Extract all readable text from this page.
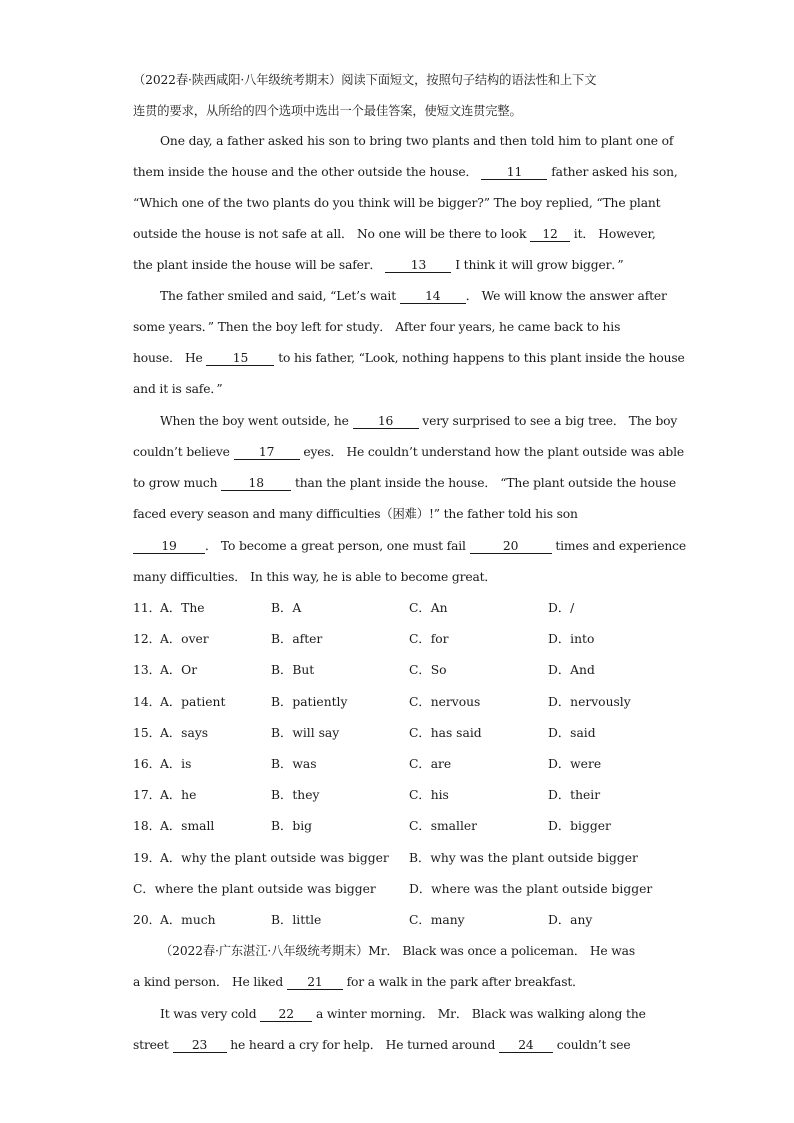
（2022春·陕西咸阳·八年级统考期末）阅读下面短文，按照句子结构的语法性和上下文
连贯的要求，从所给的四个选项中选出一个最佳答案，使短文连贯完整。
One day, a father asked his son to bring two plants and then told him to plant one of
them inside the house and the other outside the house． 11 father asked his son,
“Which one of the two plants do you think will be bigger?” The boy replied, “The plant
outside the house is not safe at all． No one will be there to look 12 it． However,
the plant inside the house will be safer． 13 I think it will grow bigger．”
The father smiled and said, “Let’s wait 14 ． We will know the answer after
some years．” Then the boy left for study． After four years, he came back to his
house． He 15 to his father, “Look, nothing happens to this plant inside the house
and it is safe．”
When the boy went outside, he 16 very surprised to see a big tree． The boy
couldn’t believe 17 eyes． He couldn’t understand how the plant outside was able
to grow much	18	than the plant inside the house． “The plant outside the house
faced every season and many difficulties（困难）!” the father told his son
19 ． To become a great person, one must fail	20	times and experience
many difficulties． In this way, he is able to become great．
11． A．The	B．A	C．An	D．/
12． A．over	B．after	C．for	D．into
13． A．Or	B．But	C．So	D．And
14． A．patient	B．patiently	C．nervous	D．nervously
15． A．says	B．will say	C．has said	D．said
16． A．is	B．was	C．are	D．were
17． A．he	B．they	C．his	D．their
18． A．small	B．big	C．smaller	D．bigger
19． A．why the plant outside was bigger B．why was the plant outside bigger
C．where the plant outside was bigger	D．where was the plant outside bigger
20． A．much	B．little	C．many	D．any
（2022春·广东湛江·八年级统考期末）Mr． Black was once a policeman． He was
a kind person． He liked 21 for a walk in the park after breakfast．
It was very cold 22 a winter morning． Mr． Black was walking along the
street 23 he heard a cry for help． He turned around 24 couldn’t see
